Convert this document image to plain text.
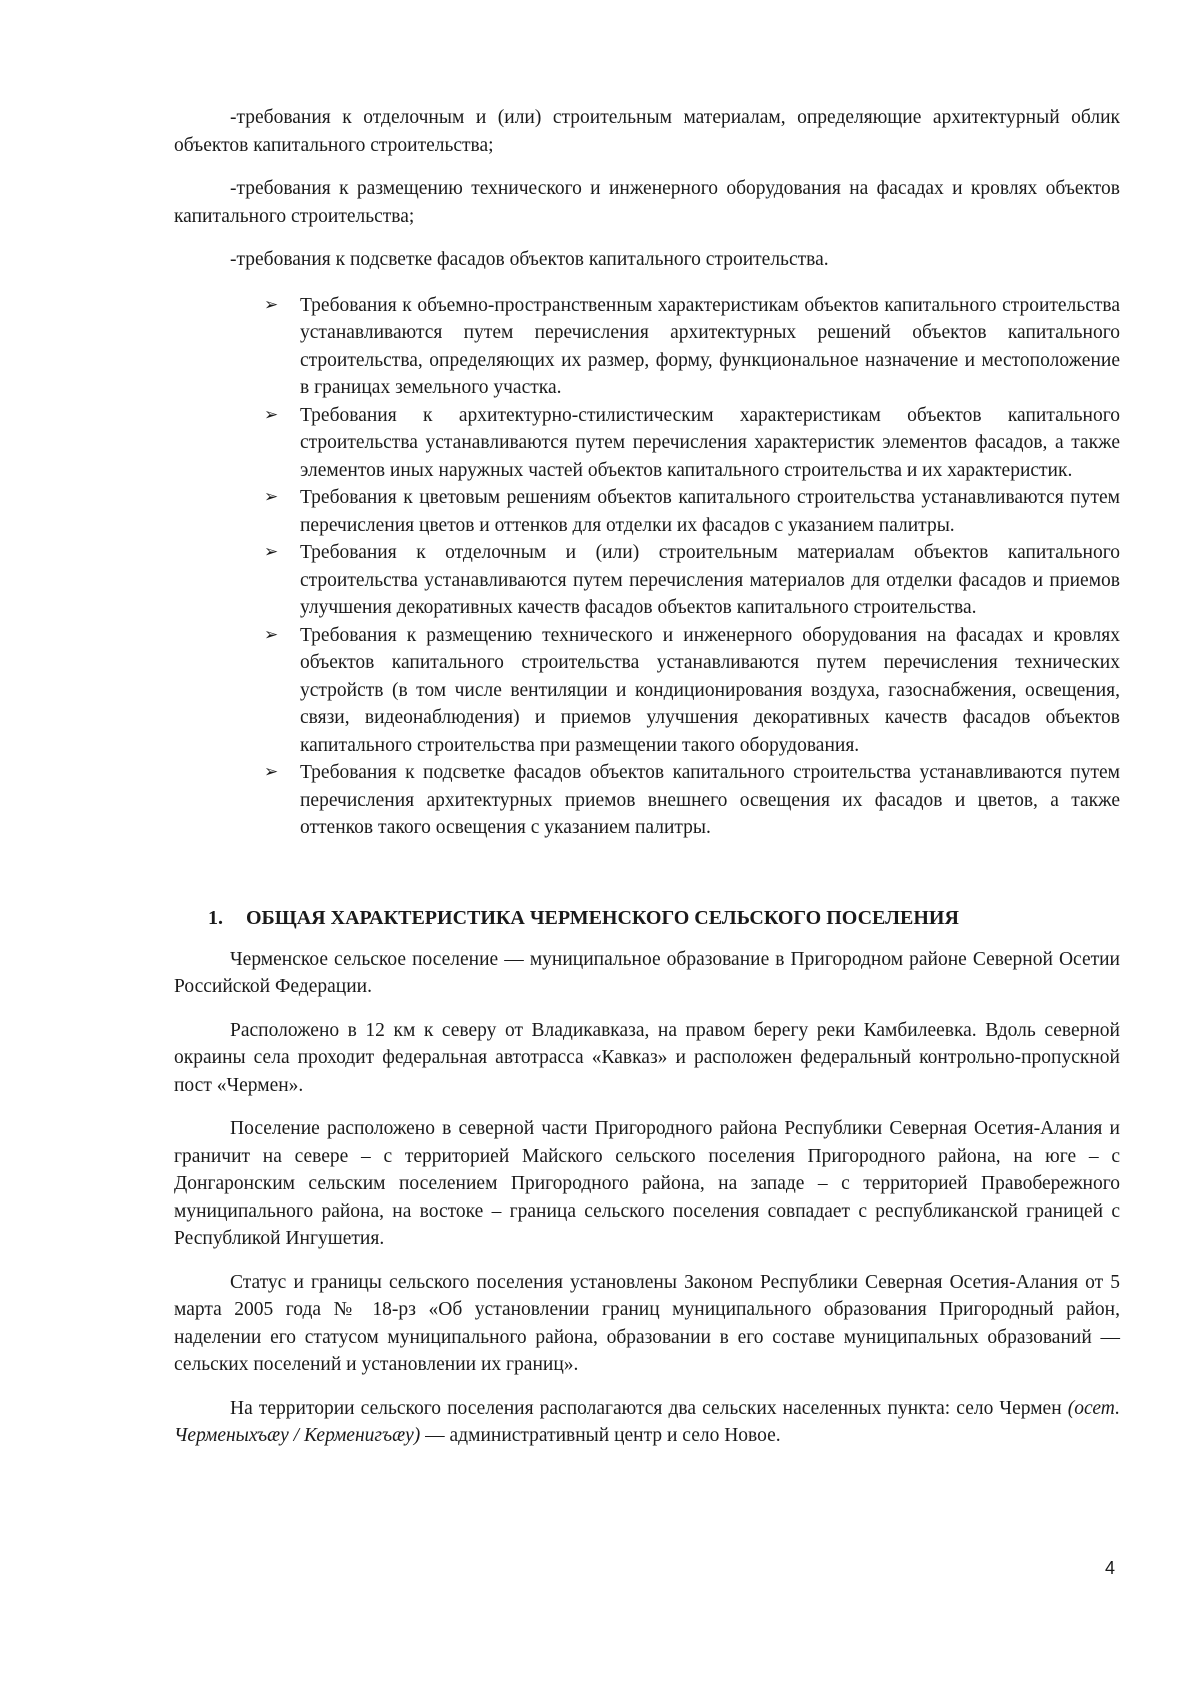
-требования к отделочным и (или) строительным материалам, определяющие архитектурный облик объектов капитального строительства;

-требования к размещению технического и инженерного оборудования на фасадах и кровлях объектов капитального строительства;

-требования к подсветке фасадов объектов капитального строительства.

➢ Требования к объемно-пространственным характеристикам объектов капитального строительства устанавливаются путем перечисления архитектурных решений объектов капитального строительства, определяющих их размер, форму, функциональное назначение и местоположение в границах земельного участка.
➢ Требования к архитектурно-стилистическим характеристикам объектов капитального строительства устанавливаются путем перечисления характеристик элементов фасадов, а также элементов иных наружных частей объектов капитального строительства и их характеристик.
➢ Требования к цветовым решениям объектов капитального строительства устанавливаются путем перечисления цветов и оттенков для отделки их фасадов с указанием палитры.
➢ Требования к отделочным и (или) строительным материалам объектов капитального строительства устанавливаются путем перечисления материалов для отделки фасадов и приемов улучшения декоративных качеств фасадов объектов капитального строительства.
➢ Требования к размещению технического и инженерного оборудования на фасадах и кровлях объектов капитального строительства устанавливаются путем перечисления технических устройств (в том числе вентиляции и кондиционирования воздуха, газоснабжения, освещения, связи, видеонаблюдения) и приемов улучшения декоративных качеств фасадов объектов капитального строительства при размещении такого оборудования.
➢ Требования к подсветке фасадов объектов капитального строительства устанавливаются путем перечисления архитектурных приемов внешнего освещения их фасадов и цветов, а также оттенков такого освещения с указанием палитры.
1. ОБЩАЯ ХАРАКТЕРИСТИКА ЧЕРМЕНСКОГО СЕЛЬСКОГО ПОСЕЛЕНИЯ

Черменское сельское поселение — муниципальное образование в Пригородном районе Северной Осетии Российской Федерации.

Расположено в 12 км к северу от Владикавказа, на правом берегу реки Камбилеевка. Вдоль северной окраины села проходит федеральная автотрасса «Кавказ» и расположен федеральный контрольно-пропускной пост «Чермен».

Поселение расположено в северной части Пригородного района Республики Северная Осетия-Алания и граничит на севере – с территорией Майского сельского поселения Пригородного района, на юге – с Донгаронским сельским поселением Пригородного района, на западе – с территорией Правобережного муниципального района, на востоке – граница сельского поселения совпадает с республиканской границей с Республикой Ингушетия.

Статус и границы сельского поселения установлены Законом Республики Северная Осетия-Алания от 5 марта 2005 года № 18-рз «Об установлении границ муниципального образования Пригородный район, наделении его статусом муниципального района, образовании в его составе муниципальных образований — сельских поселений и установлении их границ».

На территории сельского поселения располагаются два сельских населенных пункта: село Чермен (осет. Черменыхъæу / Керменигъæу) — административный центр и село Новое.

4
